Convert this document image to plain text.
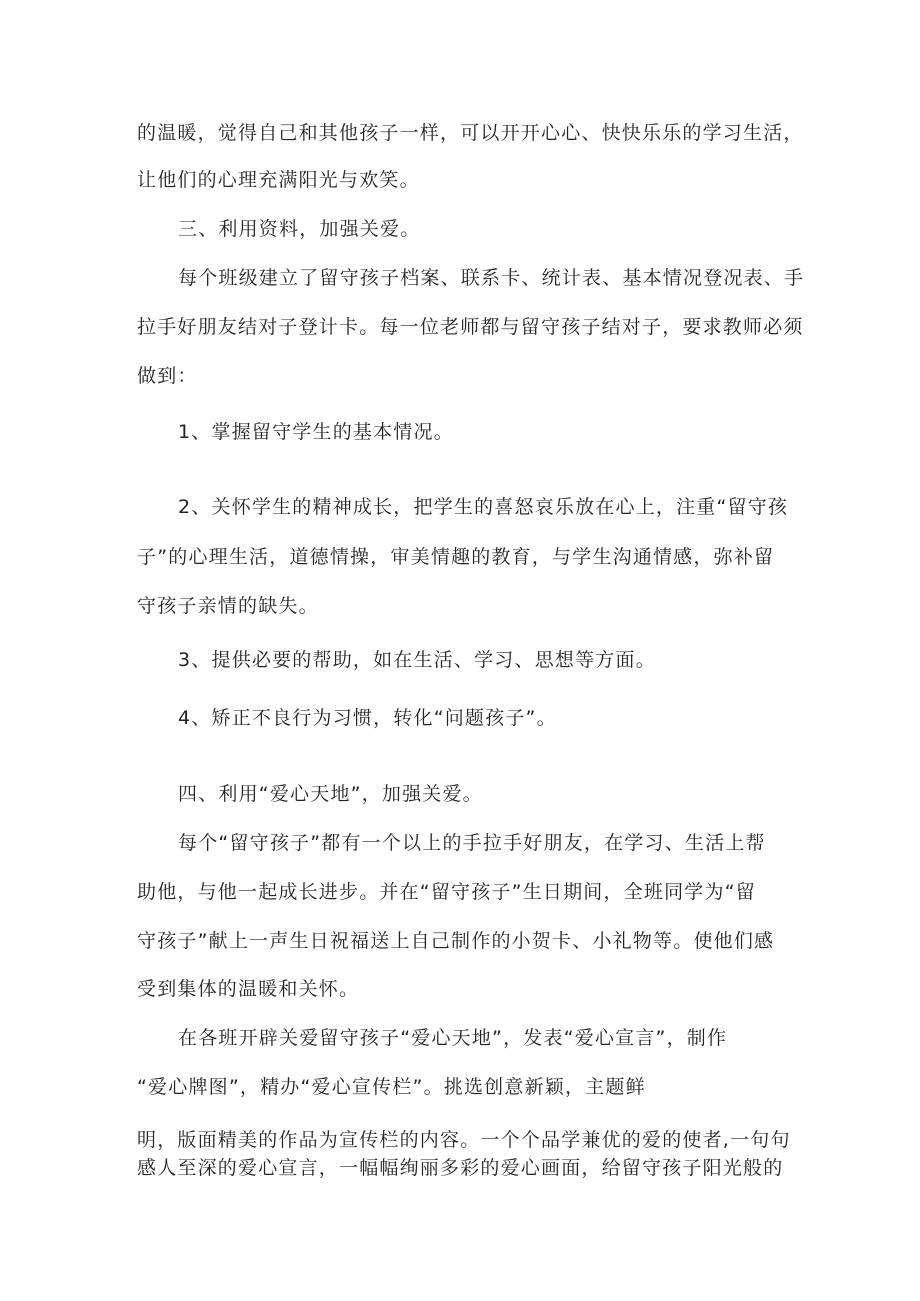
的温暖，觉得自己和其他孩子一样，可以开开心心、快快乐乐的学习生活，
让他们的心理充满阳光与欢笑。
三、利用资料，加强关爱。
每个班级建立了留守孩子档案、联系卡、统计表、基本情况登况表、手
拉手好朋友结对子登计卡。每一位老师都与留守孩子结对子，要求教师必须
做到：
1、掌握留守学生的基本情况。
2、关怀学生的精神成长，把学生的喜怒哀乐放在心上，注重“留守孩
子”的心理生活，道德情操，审美情趣的教育，与学生沟通情感，弥补留
守孩子亲情的缺失。
3、提供必要的帮助，如在生活、学习、思想等方面。
4、矫正不良行为习惯，转化“问题孩子”。
四、利用“爱心天地”，加强关爱。
每个“留守孩子”都有一个以上的手拉手好朋友，在学习、生活上帮
助他，与他一起成长进步。并在“留守孩子”生日期间，全班同学为“留
守孩子”献上一声生日祝福送上自己制作的小贺卡、小礼物等。使他们感
受到集体的温暖和关怀。
在各班开辟关爱留守孩子“爱心天地”，发表“爱心宣言”，制作
“爱心牌图”，精办“爱心宣传栏”。挑选创意新颖，主题鲜
明，版面精美的作品为宣传栏的内容。一个个品学兼优的爱的使者,一句句
感人至深的爱心宣言，一幅幅绚丽多彩的爱心画面，给留守孩子阳光般的
